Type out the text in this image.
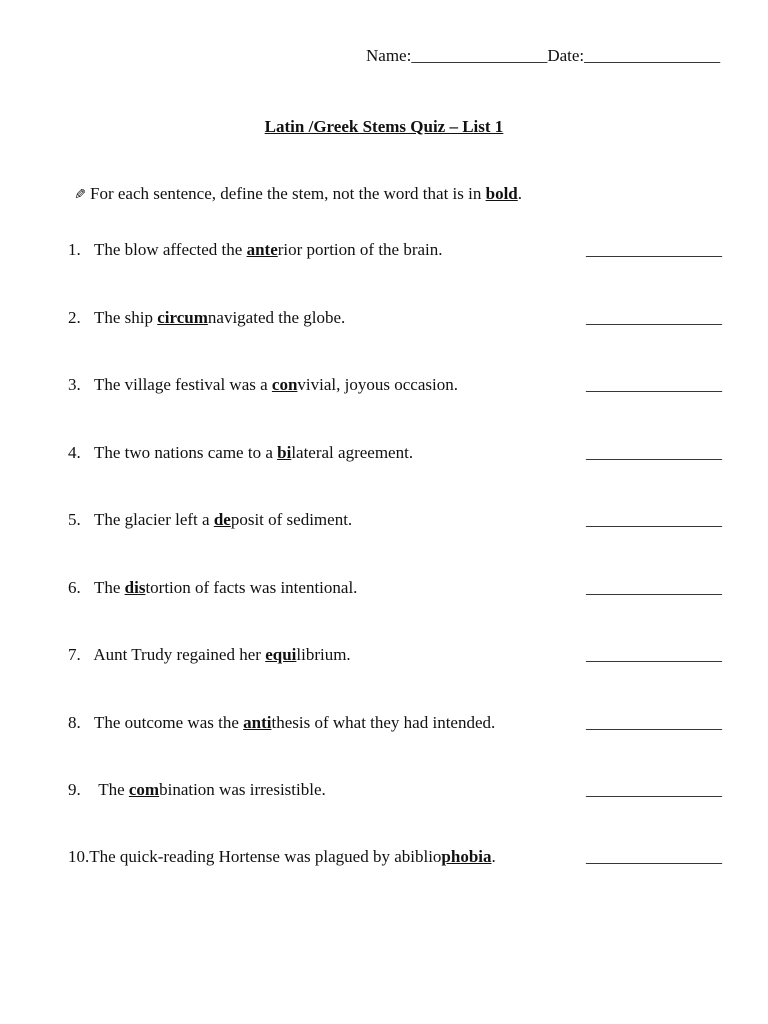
Name:________________Date:________________
Latin /Greek Stems Quiz – List 1
✎ For each sentence, define the stem, not the word that is in bold.
1. The blow affected the anterior portion of the brain.	________________
2. The ship circumnavigated the globe.	________________
3. The village festival was a convivial, joyous occasion.	________________
4. The two nations came to a bilateral agreement.	________________
5. The glacier left a deposit of sediment.	________________
6. The distortion of facts was intentional.	________________
7. Aunt Trudy regained her equilibrium.	________________
8. The outcome was the antithesis of what they had intended.	________________
9.  The combination was irresistible.	________________
10.The quick-reading Hortense was plagued by abibliophobia.	________________
